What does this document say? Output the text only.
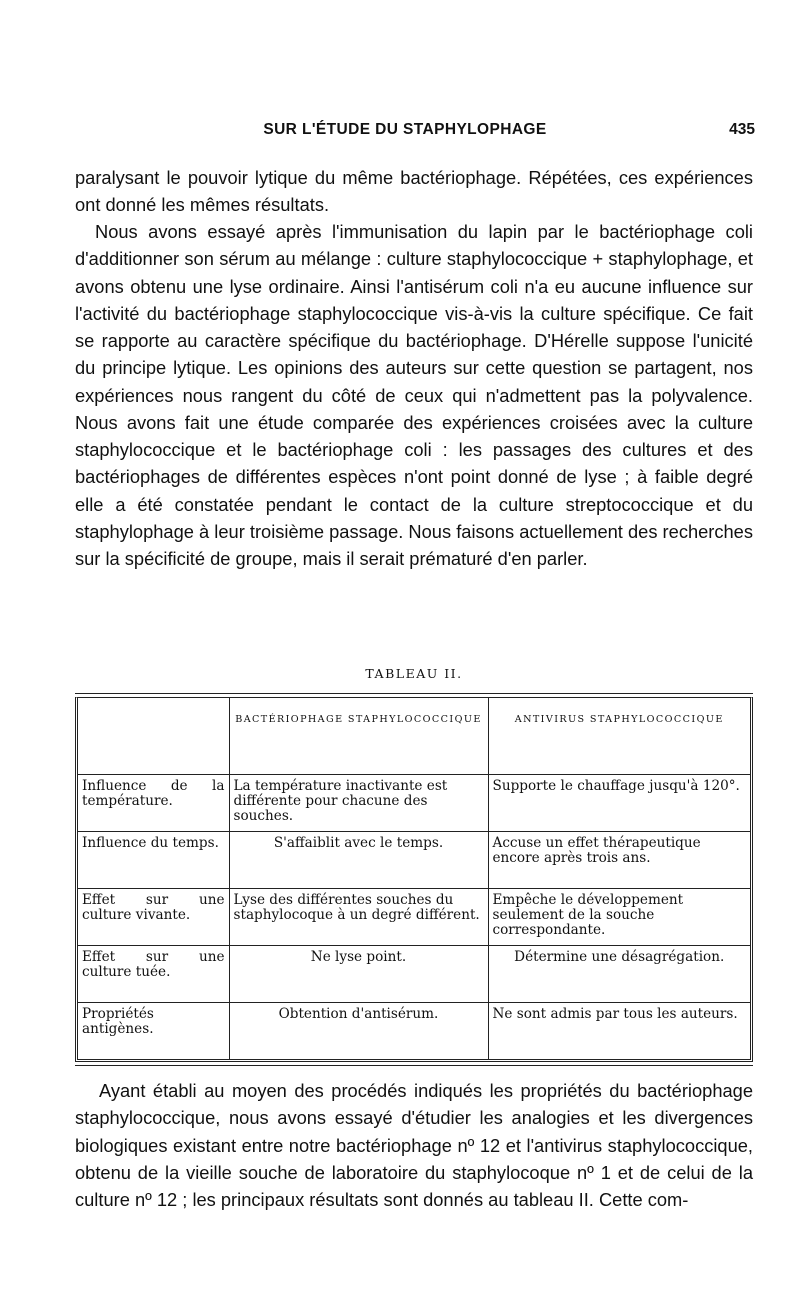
SUR L'ÉTUDE DU STAPHYLOPHAGE	435

paralysant le pouvoir lytique du même bactériophage. Répétées, ces expériences ont donné les mêmes résultats.

Nous avons essayé après l'immunisation du lapin par le bactériophage coli d'additionner son sérum au mélange : culture staphylococcique + staphylophage, et avons obtenu une lyse ordinaire. Ainsi l'antisérum coli n'a eu aucune influence sur l'activité du bactériophage staphylococcique vis-à-vis la culture spécifique. Ce fait se rapporte au caractère spécifique du bactériophage. D'Hérelle suppose l'unicité du principe lytique. Les opinions des auteurs sur cette question se partagent, nos expériences nous rangent du côté de ceux qui n'admettent pas la polyvalence. Nous avons fait une étude comparée des expériences croisées avec la culture staphylococcique et le bactériophage coli : les passages des cultures et des bactériophages de différentes espèces n'ont point donné de lyse ; à faible degré elle a été constatée pendant le contact de la culture streptococcique et du staphylophage à leur troisième passage. Nous faisons actuellement des recherches sur la spécificité de groupe, mais il serait prématuré d'en parler.

TABLEAU II.

	BACTÉRIOPHAGE STAPHYLOCOCCIQUE	ANTIVIRUS STAPHYLOCOCCIQUE
Influence de la température.	La température inactivante est différente pour chacune des souches.	Supporte le chauffage jusqu'à 120°.
Influence du temps.	S'affaiblit avec le temps.	Accuse un effet thérapeutique encore après trois ans.
Effet sur une culture vivante.	Lyse des différentes souches du staphylocoque à un degré différent.	Empêche le développement seulement de la souche correspondante.
Effet sur une culture tuée.	Ne lyse point.	Détermine une désagrégation.
Propriétés antigènes.	Obtention d'antisérum.	Ne sont admis par tous les auteurs.

Ayant établi au moyen des procédés indiqués les propriétés du bactériophage staphylococcique, nous avons essayé d'étudier les analogies et les divergences biologiques existant entre notre bactériophage nº 12 et l'antivirus staphylococcique, obtenu de la vieille souche de laboratoire du staphylocoque nº 1 et de celui de la culture nº 12 ; les principaux résultats sont donnés au tableau II. Cette com-
